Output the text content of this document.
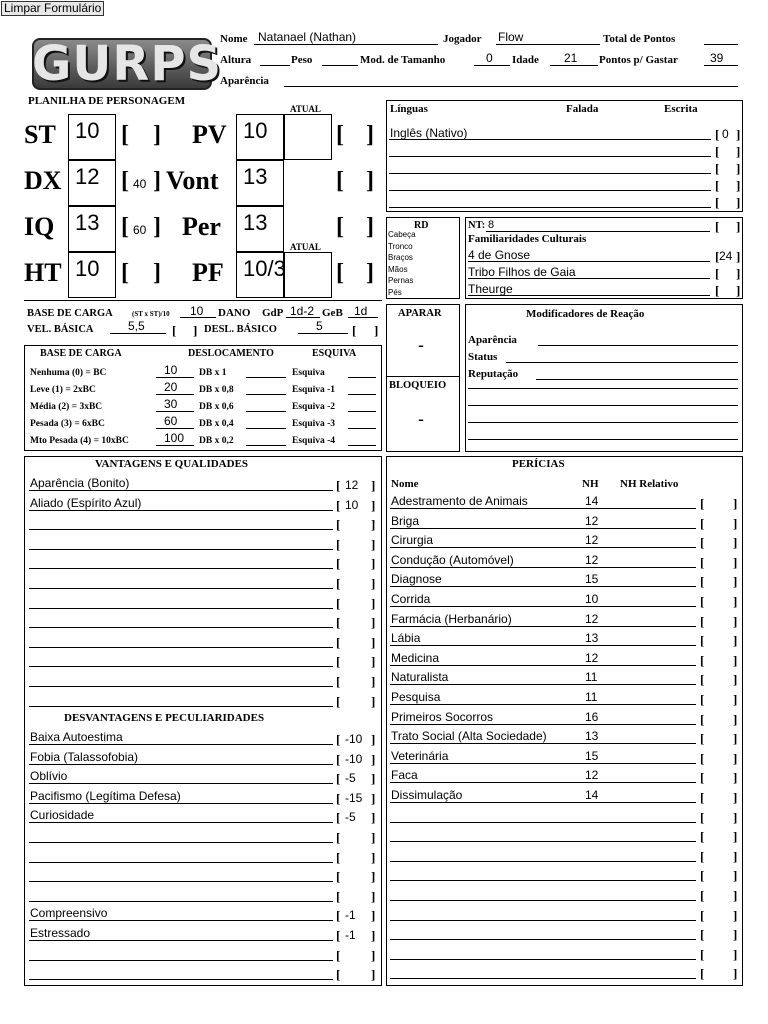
Limpar Formulário
GURPS
PLANILHA DE PERSONAGEM
Nome Natanael (Nathan)	Jogador Flow	Total de Pontos
Altura	Peso	Mod. de Tamanho	0 Idade 21 Pontos p/ Gastar	39
Aparência
ATUAL
ATUAL
ST 10 [ ]
DX 12 [ 40 ]
IQ 13 [ 60 ]
HT 10 [ ]
PV 10	[ ]
Vont	13	[ ]
Per	13	[ ]
PF 10/3 [ ]
BASE DE CARGA	(ST x ST)/10 10 DANO GdP 1d-2 GeB 1d
VEL. BÁSICA	5,5 [ ] DESL. BÁSICO	5 [ ]
BASE DE CARGA	DESLOCAMENTO	ESQUIVA
Nenhuma (0) = BC	10 DB x 1	Esquiva
Leve (1) = 2xBC	20 DB x 0,8	Esquiva -1
Média (2) = 3xBC	30 DB x 0,6	Esquiva -2
Pesada (3) = 6xBC	60 DB x 0,4	Esquiva -3
Mto Pesada (4) = 10xBC	100 DB x 0,2	Esquiva -4
Línguas	Falada	Escrita
Inglês (Nativo)	[ 0 ]
[ ]
[ ]
[ ]
[ ]
RD
Cabeça
Tronco
Braços
Mãos
Pernas
Pés
NT: 8	[ ]
Familiaridades Culturais
4 de Gnose	[ 24 ]
Tribo Filhos de Gaia	[ ]
Theurge	[ ]
APARAR
-
BLOQUEIO
-
Modificadores de Reação
Aparência
Status
Reputação
VANTAGENS E QUALIDADES
DESVANTAGENS E PECULIARIDADES
Aparência (Bonito)	[ 12 ]
Aliado (Espírito Azul)	[ 10 ]
[ ]
[ ]
[ ]
[ ]
[ ]
[ ]
[ ]
[ ]
[ ]
[ ]
Baixa Autoestima	[ -10 ]
Fobia (Talassofobia)	[ -10 ]
Oblívio	[ -5 ]
Pacifismo (Legítima Defesa)	[ -15 ]
Curiosidade	[ -5 ]
[ ]
[ ]
[ ]
[ ]
Compreensivo	[ -1 ]
Estressado	[ -1 ]
[ ]
[ ]
PERÍCIAS
Nome	NH NH Relativo
Adestramento de Animais	14	[ ]
Briga	12	[ ]
Cirurgia	12	[ ]
Condução (Automóvel)	12	[ ]
Diagnose	15	[ ]
Corrida	10	[ ]
Farmácia (Herbanário)	12	[ ]
Lábia	13	[ ]
Medicina	12	[ ]
Naturalista	11	[ ]
Pesquisa	11	[ ]
Primeiros Socorros	16	[ ]
Trato Social (Alta Sociedade)	13	[ ]
Veterinária	15	[ ]
Faca	12	[ ]
Dissimulação	14	[ ]
[ ]
[ ]
[ ]
[ ]
[ ]
[ ]
[ ]
[ ]
[ ]
